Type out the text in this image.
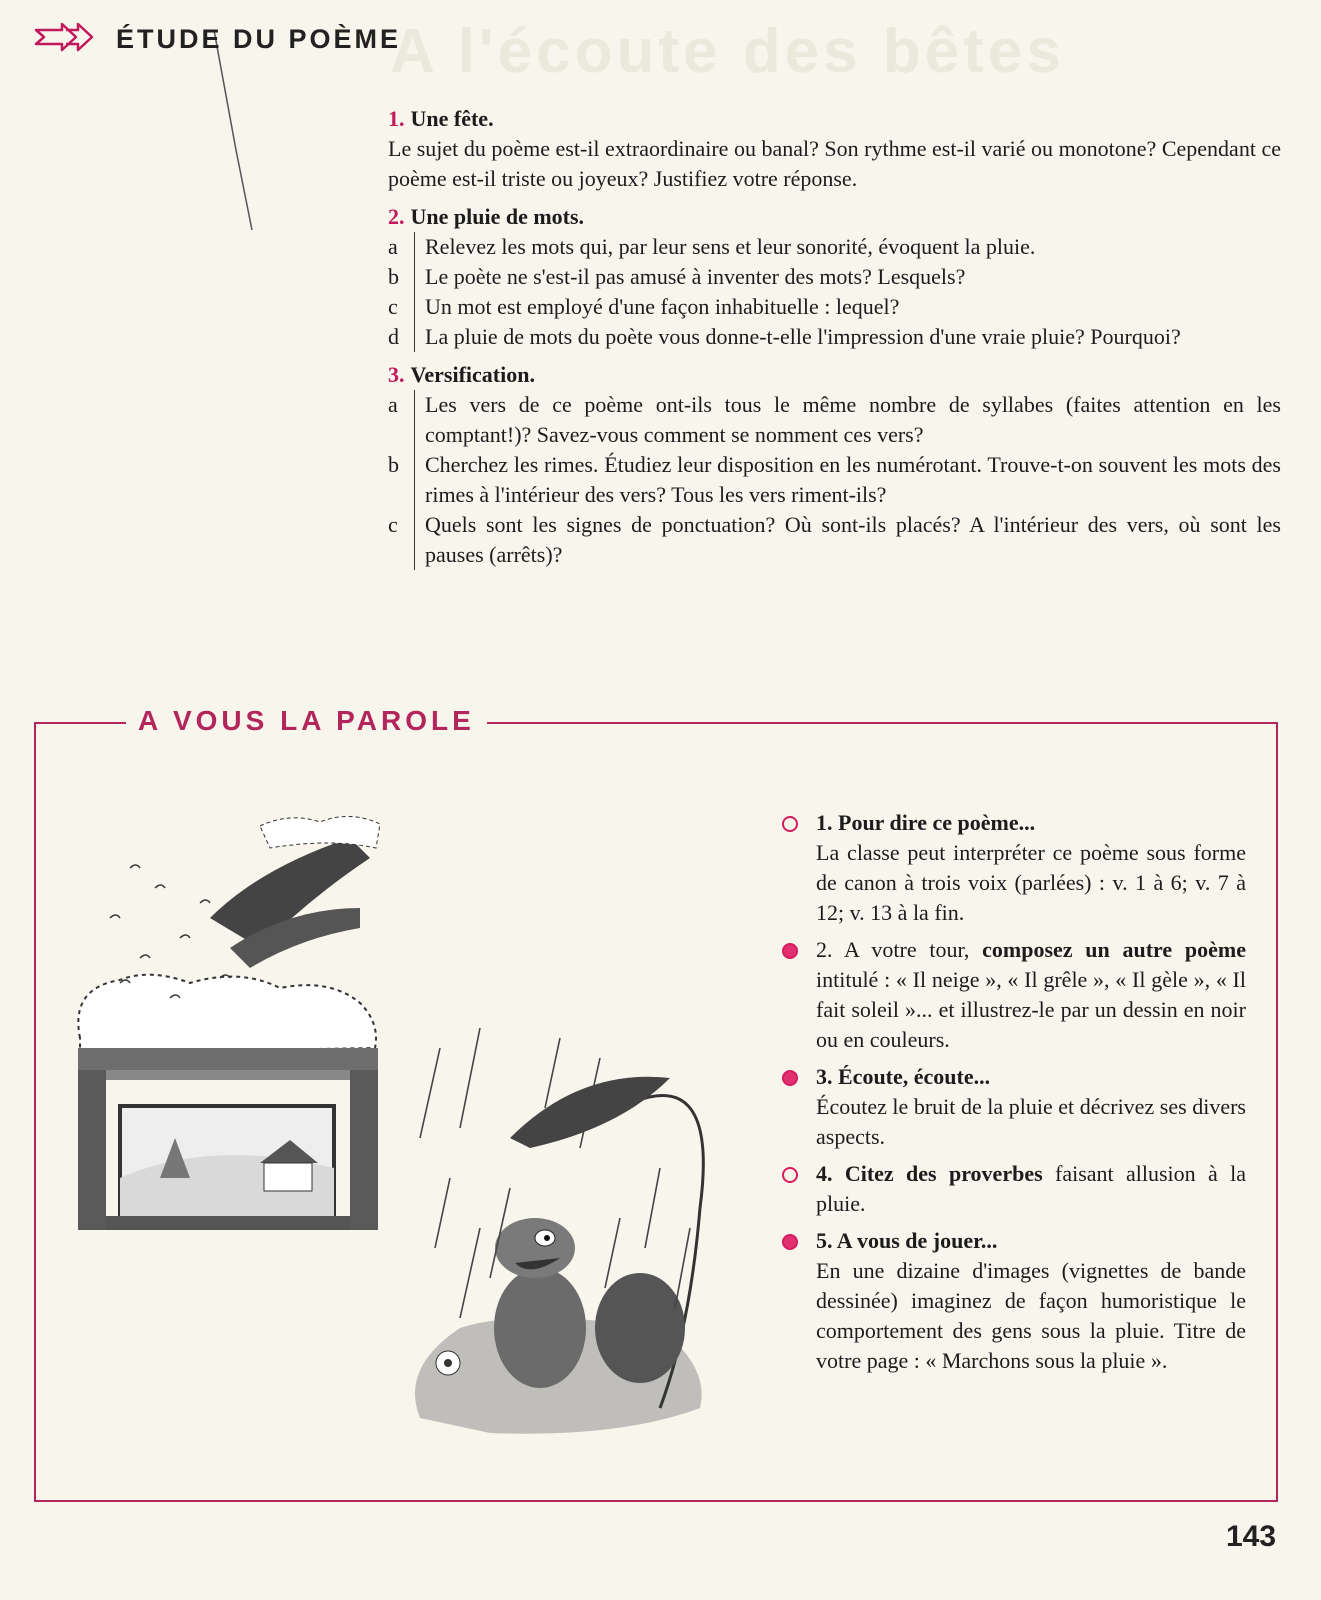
A l'écoute des bêtes
ÉTUDE DU POÈME
1. Une fête.
Le sujet du poème est-il extraordinaire ou banal? Son rythme est-il varié ou monotone? Cependant ce poème est-il triste ou joyeux? Justifiez votre réponse.
2. Une pluie de mots.
a	Relevez les mots qui, par leur sens et leur sonorité, évoquent la pluie.
b	Le poète ne s'est-il pas amusé à inventer des mots? Lesquels?
c	Un mot est employé d'une façon inhabituelle : lequel?
d	La pluie de mots du poète vous donne-t-elle l'impression d'une vraie pluie? Pourquoi?
3. Versification.
a	Les vers de ce poème ont-ils tous le même nombre de syllabes (faites attention en les comptant!)? Savez-vous comment se nomment ces vers?
b	Cherchez les rimes. Étudiez leur disposition en les numérotant. Trouve-t-on souvent les mots des rimes à l'intérieur des vers? Tous les vers riment-ils?
c	Quels sont les signes de ponctuation? Où sont-ils placés? A l'intérieur des vers, où sont les pauses (arrêts)?
A VOUS LA PAROLE
1. Pour dire ce poème...
La classe peut interpréter ce poème sous forme de canon à trois voix (parlées) : v. 1 à 6; v. 7 à 12; v. 13 à la fin.
2. A votre tour, composez un autre poème intitulé : « Il neige », « Il grêle », « Il gèle », « Il fait soleil »... et illustrez-le par un dessin en noir ou en couleurs.
3. Écoute, écoute...
Écoutez le bruit de la pluie et décrivez ses divers aspects.
4. Citez des proverbes faisant allusion à la pluie.
5. A vous de jouer...
En une dizaine d'images (vignettes de bande dessinée) imaginez de façon humoristique le comportement des gens sous la pluie. Titre de votre page : « Marchons sous la pluie ».
143
